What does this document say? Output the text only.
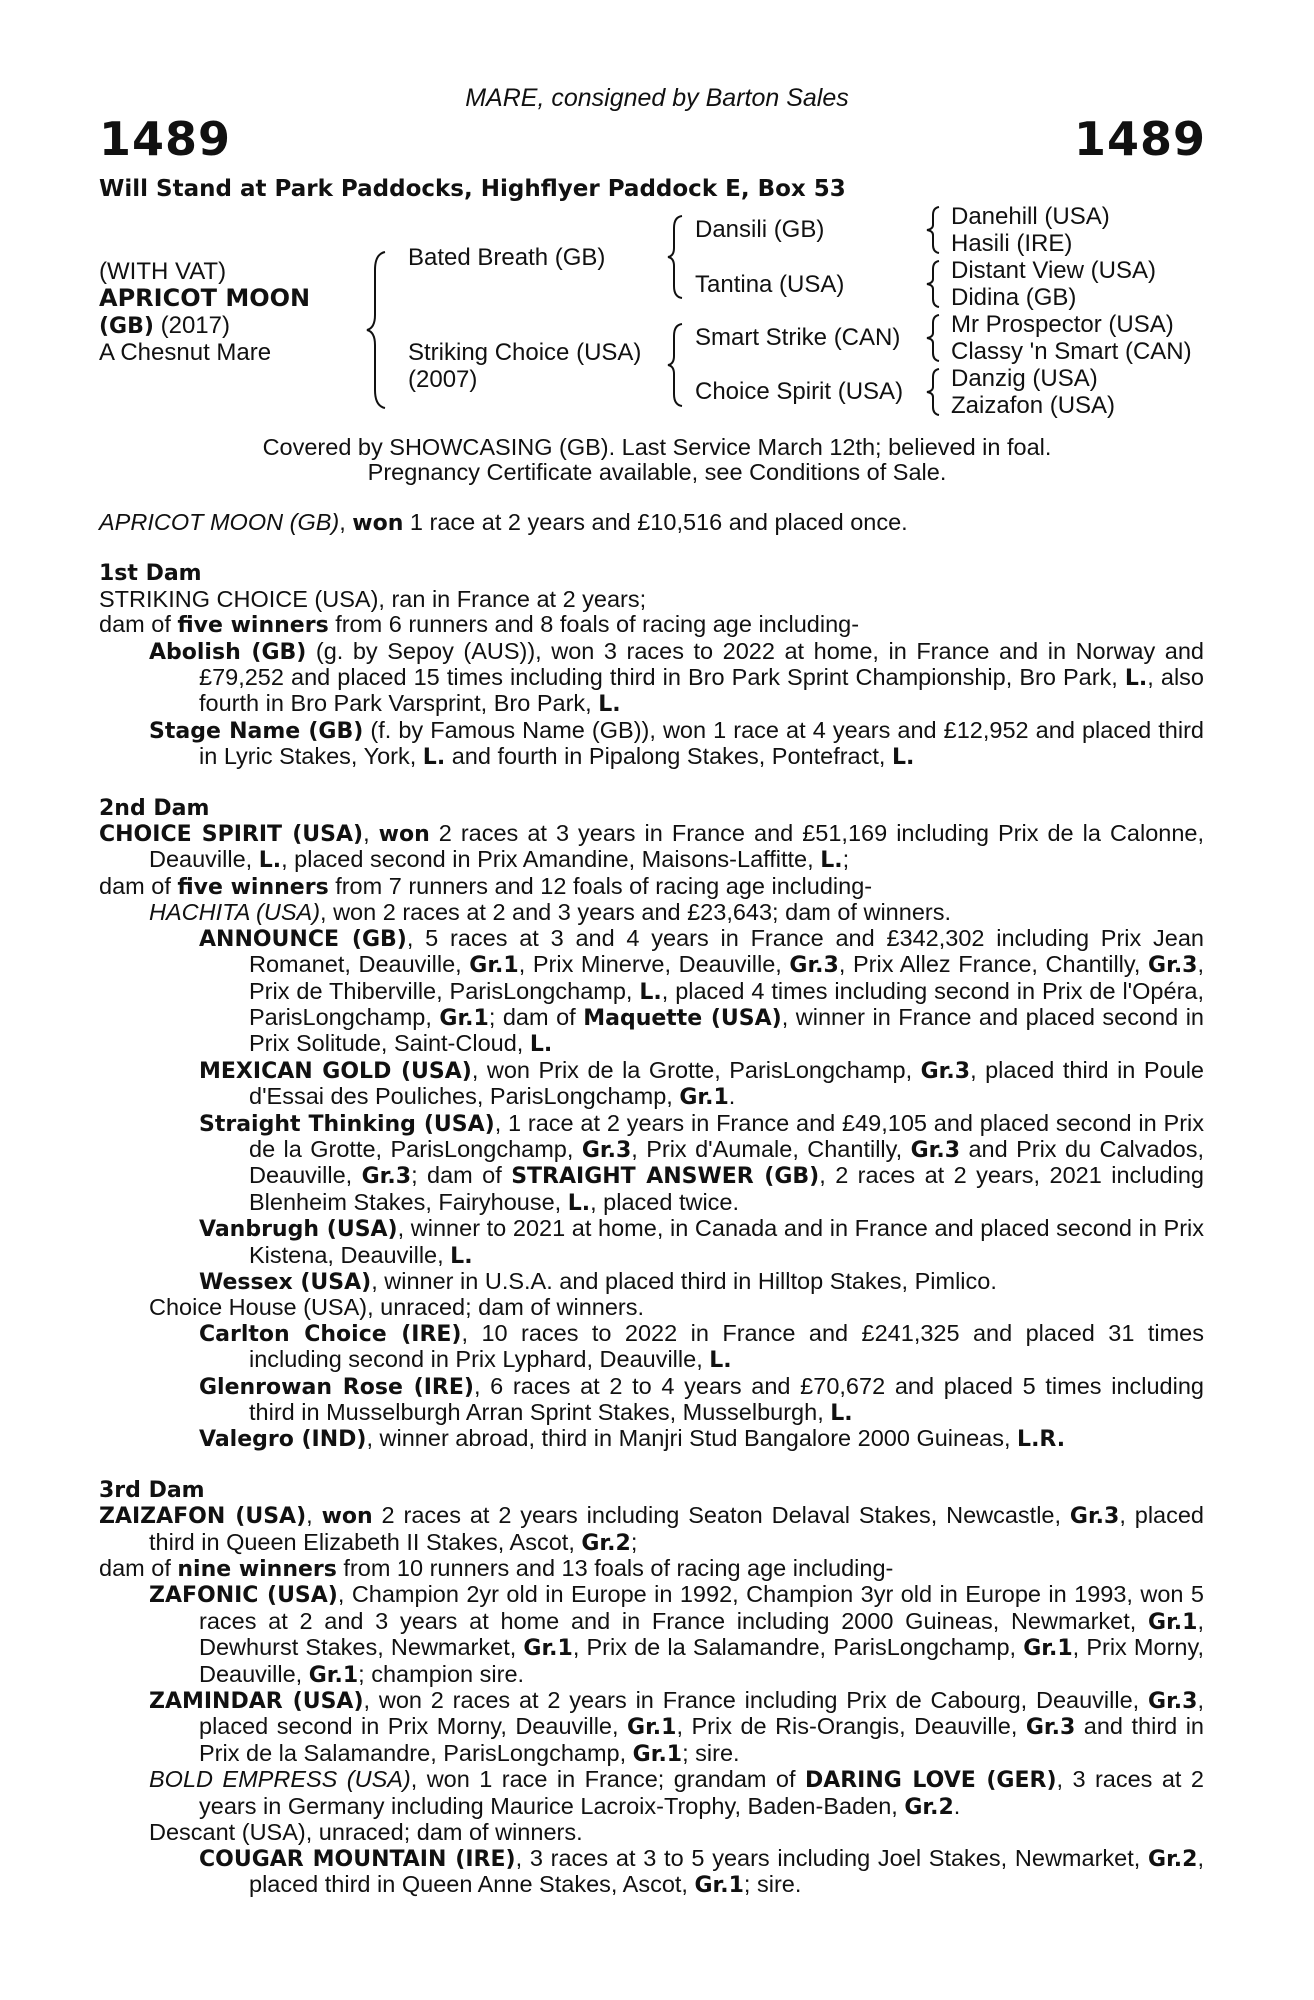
MARE, consigned by Barton Sales
1489	1489
Will Stand at Park Paddocks, Highflyer Paddock E, Box 53
(WITH VAT)
APRICOT MOON
(GB) (2017)
A Chesnut Mare
Bated Breath (GB)
Striking Choice (USA)
(2007)
Dansili (GB)
Tantina (USA)
Smart Strike (CAN)
Choice Spirit (USA)
Danehill (USA)
Hasili (IRE)
Distant View (USA)
Didina (GB)
Mr Prospector (USA)
Classy 'n Smart (CAN)
Danzig (USA)
Zaizafon (USA)
Covered by SHOWCASING (GB). Last Service March 12th; believed in foal.
Pregnancy Certificate available, see Conditions of Sale.
APRICOT MOON (GB), won 1 race at 2 years and £10,516 and placed once.
1st Dam
STRIKING CHOICE (USA), ran in France at 2 years;
dam of five winners from 6 runners and 8 foals of racing age including-
Abolish (GB) (g. by Sepoy (AUS)), won 3 races to 2022 at home, in France and in Norway and £79,252 and placed 15 times including third in Bro Park Sprint Championship, Bro Park, L., also fourth in Bro Park Varsprint, Bro Park, L.
Stage Name (GB) (f. by Famous Name (GB)), won 1 race at 4 years and £12,952 and placed third in Lyric Stakes, York, L. and fourth in Pipalong Stakes, Pontefract, L.
2nd Dam
CHOICE SPIRIT (USA), won 2 races at 3 years in France and £51,169 including Prix de la Calonne, Deauville, L., placed second in Prix Amandine, Maisons-Laffitte, L.;
dam of five winners from 7 runners and 12 foals of racing age including-
HACHITA (USA), won 2 races at 2 and 3 years and £23,643; dam of winners.
ANNOUNCE (GB), 5 races at 3 and 4 years in France and £342,302 including Prix Jean Romanet, Deauville, Gr.1, Prix Minerve, Deauville, Gr.3, Prix Allez France, Chantilly, Gr.3, Prix de Thiberville, ParisLongchamp, L., placed 4 times including second in Prix de l'Opéra, ParisLongchamp, Gr.1; dam of Maquette (USA), winner in France and placed second in Prix Solitude, Saint-Cloud, L.
MEXICAN GOLD (USA), won Prix de la Grotte, ParisLongchamp, Gr.3, placed third in Poule d'Essai des Pouliches, ParisLongchamp, Gr.1.
Straight Thinking (USA), 1 race at 2 years in France and £49,105 and placed second in Prix de la Grotte, ParisLongchamp, Gr.3, Prix d'Aumale, Chantilly, Gr.3 and Prix du Calvados, Deauville, Gr.3; dam of STRAIGHT ANSWER (GB), 2 races at 2 years, 2021 including Blenheim Stakes, Fairyhouse, L., placed twice.
Vanbrugh (USA), winner to 2021 at home, in Canada and in France and placed second in Prix Kistena, Deauville, L.
Wessex (USA), winner in U.S.A. and placed third in Hilltop Stakes, Pimlico.
Choice House (USA), unraced; dam of winners.
Carlton Choice (IRE), 10 races to 2022 in France and £241,325 and placed 31 times including second in Prix Lyphard, Deauville, L.
Glenrowan Rose (IRE), 6 races at 2 to 4 years and £70,672 and placed 5 times including third in Musselburgh Arran Sprint Stakes, Musselburgh, L.
Valegro (IND), winner abroad, third in Manjri Stud Bangalore 2000 Guineas, L.R.
3rd Dam
ZAIZAFON (USA), won 2 races at 2 years including Seaton Delaval Stakes, Newcastle, Gr.3, placed third in Queen Elizabeth II Stakes, Ascot, Gr.2;
dam of nine winners from 10 runners and 13 foals of racing age including-
ZAFONIC (USA), Champion 2yr old in Europe in 1992, Champion 3yr old in Europe in 1993, won 5 races at 2 and 3 years at home and in France including 2000 Guineas, Newmarket, Gr.1, Dewhurst Stakes, Newmarket, Gr.1, Prix de la Salamandre, ParisLongchamp, Gr.1, Prix Morny, Deauville, Gr.1; champion sire.
ZAMINDAR (USA), won 2 races at 2 years in France including Prix de Cabourg, Deauville, Gr.3, placed second in Prix Morny, Deauville, Gr.1, Prix de Ris-Orangis, Deauville, Gr.3 and third in Prix de la Salamandre, ParisLongchamp, Gr.1; sire.
BOLD EMPRESS (USA), won 1 race in France; grandam of DARING LOVE (GER), 3 races at 2 years in Germany including Maurice Lacroix-Trophy, Baden-Baden, Gr.2.
Descant (USA), unraced; dam of winners.
COUGAR MOUNTAIN (IRE), 3 races at 3 to 5 years including Joel Stakes, Newmarket, Gr.2, placed third in Queen Anne Stakes, Ascot, Gr.1; sire.
